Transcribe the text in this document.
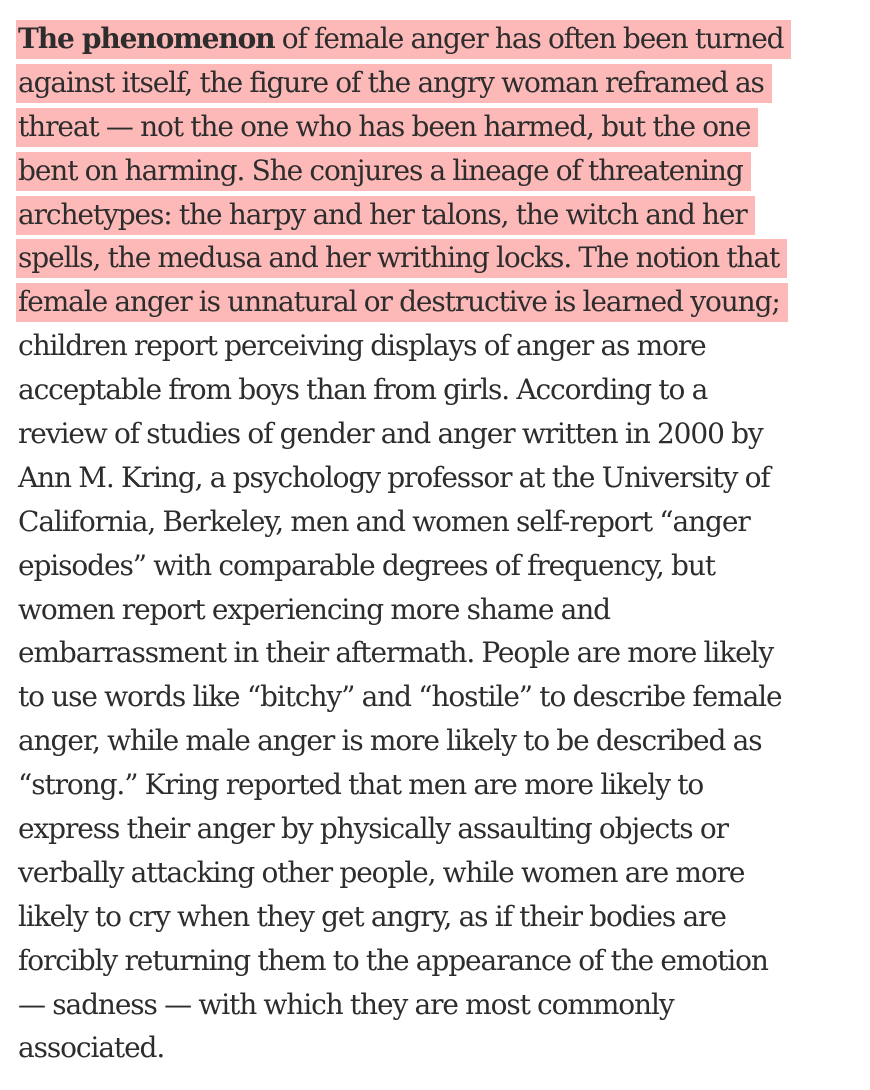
The phenomenon of female anger has often been turned
against itself, the figure of the angry woman reframed as
threat — not the one who has been harmed, but the one
bent on harming. She conjures a lineage of threatening
archetypes: the harpy and her talons, the witch and her
spells, the medusa and her writhing locks. The notion that
female anger is unnatural or destructive is learned young;
children report perceiving displays of anger as more
acceptable from boys than from girls. According to a
review of studies of gender and anger written in 2000 by
Ann M. Kring, a psychology professor at the University of
California, Berkeley, men and women self-report “anger
episodes” with comparable degrees of frequency, but
women report experiencing more shame and
embarrassment in their aftermath. People are more likely
to use words like “bitchy” and “hostile” to describe female
anger, while male anger is more likely to be described as
“strong.” Kring reported that men are more likely to
express their anger by physically assaulting objects or
verbally attacking other people, while women are more
likely to cry when they get angry, as if their bodies are
forcibly returning them to the appearance of the emotion
— sadness — with which they are most commonly
associated.
